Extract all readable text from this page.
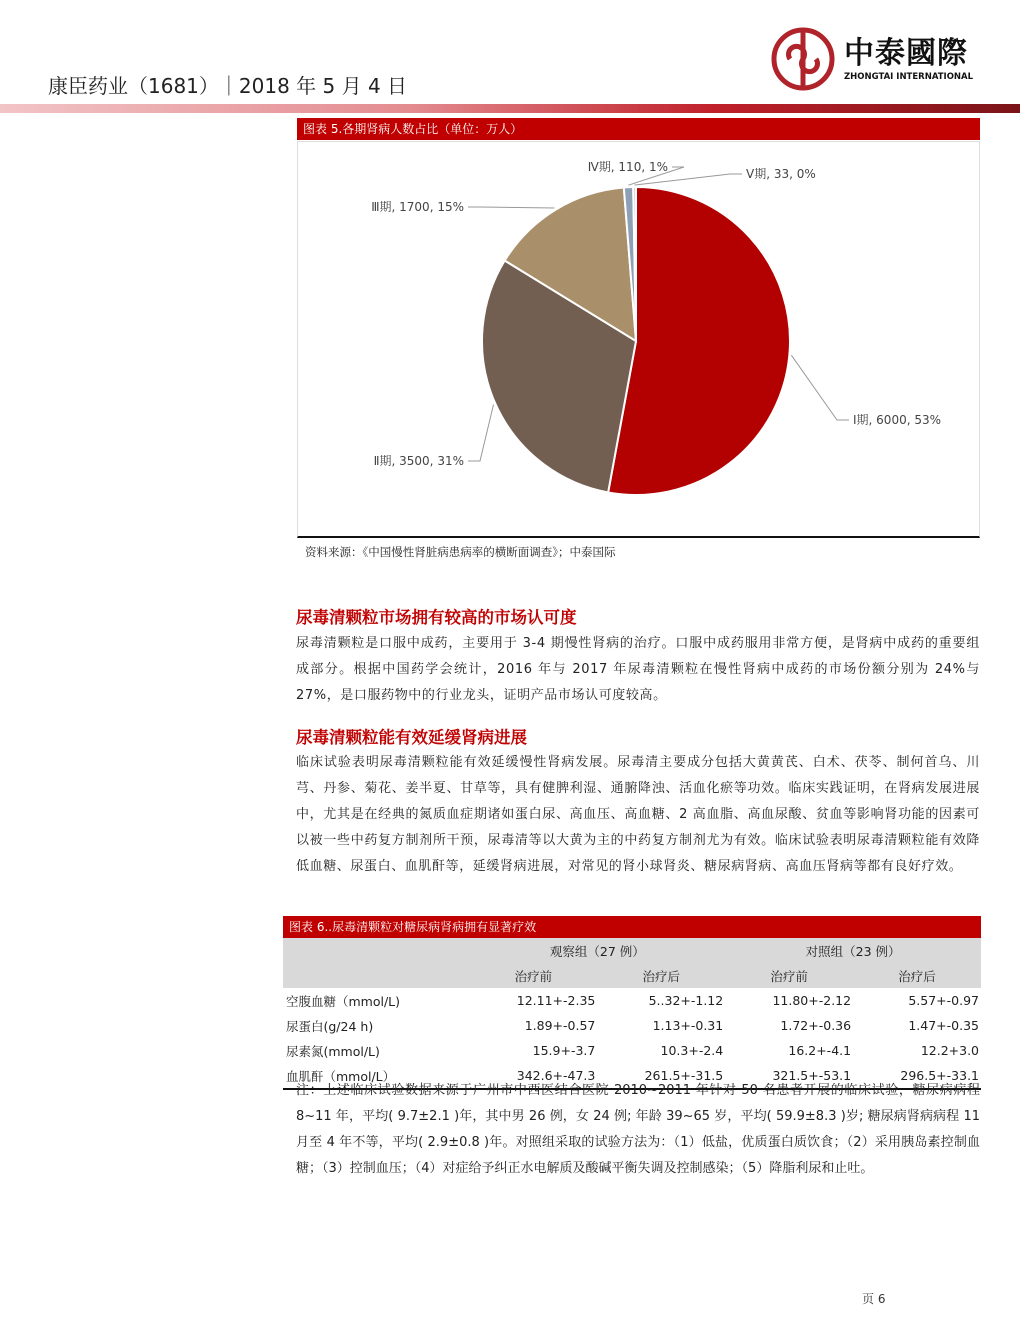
康臣药业（1681）｜2018 年 5 月 4 日
中泰國際
ZHONGTAI INTERNATIONAL
图表 5.各期肾病人数占比（单位：万人）
Ⅰ期, 6000, 53%
Ⅱ期, 3500, 31%
Ⅲ期, 1700, 15%
Ⅳ期, 110, 1%	Ⅴ期, 33, 0%
资料来源：《中国慢性肾脏病患病率的横断面调查》；中泰国际
尿毒清颗粒市场拥有较高的市场认可度
尿毒清颗粒是口服中成药，主要用于 3-4 期慢性肾病的治疗。口服中成药服用非常方便，是肾病中成药的重要组成部分。根据中国药学会统计，2016 年与 2017 年尿毒清颗粒在慢性肾病中成药的市场份额分别为 24%与 27%，是口服药物中的行业龙头，证明产品市场认可度较高。
尿毒清颗粒能有效延缓肾病进展
临床试验表明尿毒清颗粒能有效延缓慢性肾病发展。尿毒清主要成分包括大黄黄芪、白术、茯苓、制何首乌、川芎、丹参、菊花、姜半夏、甘草等，具有健脾利湿、通腑降浊、活血化瘀等功效。临床实践证明，在肾病发展进展中，尤其是在经典的氮质血症期诸如蛋白尿、高血压、高血糖、2 高血脂、高血尿酸、贫血等影响肾功能的因素可以被一些中药复方制剂所干预，尿毒清等以大黄为主的中药复方制剂尤为有效。临床试验表明尿毒清颗粒能有效降低血糖、尿蛋白、血肌酐等，延缓肾病进展，对常见的肾小球肾炎、糖尿病肾病、高血压肾病等都有良好疗效。
图表 6..尿毒清颗粒对糖尿病肾病拥有显著疗效
	观察组（27 例）		对照组（23 例）	
	治疗前	治疗后	治疗前	治疗后
空腹血糖（mmol/L)	12.11+-2.35	5..32+-1.12	11.80+-2.12	5.57+-0.97
尿蛋白(g/24 h)	1.89+-0.57	1.13+-0.31	1.72+-0.36	1.47+-0.35
尿素氮(mmol/L)	15.9+-3.7	10.3+-2.4	16.2+-4.1	12.2+3.0
血肌酐（mmol/L）	342.6+-47.3	261.5+-31.5	321.5+-53.1	296.5+-33.1
注：上述临床试验数据来源于广州市中西医结合医院 2010~2011 年针对 50 名患者开展的临床试验，糖尿病病程 8~11 年，平均( 9.7±2.1 )年，其中男 26 例，女 24 例; 年龄 39~65 岁，平均( 59.9±8.3 )岁; 糖尿病肾病病程 11 月至 4 年不等，平均( 2.9±0.8 )年。对照组采取的试验方法为：（1）低盐，优质蛋白质饮食；（2）采用胰岛素控制血糖；（3）控制血压；（4）对症给予纠正水电解质及酸碱平衡失调及控制感染；（5）降脂利尿和止吐。
页 6
